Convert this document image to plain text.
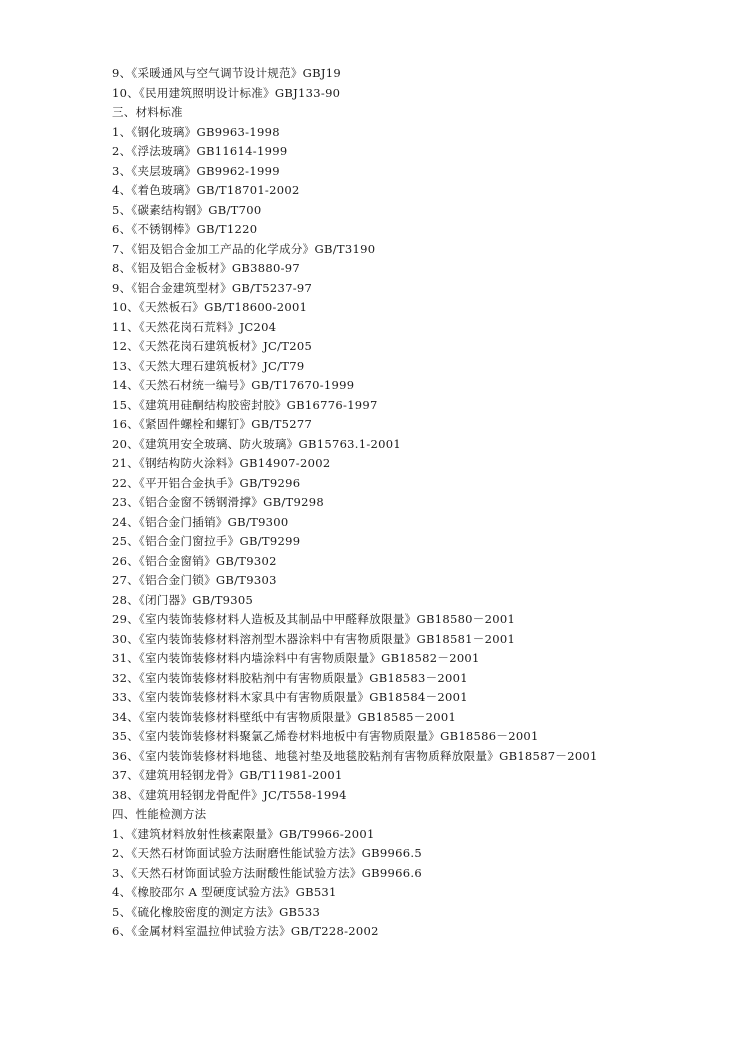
9、《采暖通风与空气调节设计规范》GBJ19
10、《民用建筑照明设计标准》GBJ133-90
三、材料标准
1、《钢化玻璃》GB9963-1998
2、《浮法玻璃》GB11614-1999
3、《夹层玻璃》GB9962-1999
4、《着色玻璃》GB/T18701-2002
5、《碳素结构钢》GB/T700
6、《不锈钢棒》GB/T1220
7、《铝及铝合金加工产品的化学成分》GB/T3190
8、《铝及铝合金板材》GB3880-97
9、《铝合金建筑型材》GB/T5237-97
10、《天然板石》GB/T18600-2001
11、《天然花岗石荒料》JC204
12、《天然花岗石建筑板材》JC/T205
13、《天然大理石建筑板材》JC/T79
14、《天然石材统一编号》GB/T17670-1999
15、《建筑用硅酮结构胶密封胶》GB16776-1997
16、《紧固件螺栓和螺钉》GB/T5277
20、《建筑用安全玻璃、防火玻璃》GB15763.1-2001
21、《钢结构防火涂料》GB14907-2002
22、《平开铝合金执手》GB/T9296
23、《铝合金窗不锈钢滑撑》GB/T9298
24、《铝合金门插销》GB/T9300
25、《铝合金门窗拉手》GB/T9299
26、《铝合金窗销》GB/T9302
27、《铝合金门锁》GB/T9303
28、《闭门器》GB/T9305
29、《室内装饰装修材料人造板及其制品中甲醛释放限量》GB18580－2001
30、《室内装饰装修材料溶剂型木器涂料中有害物质限量》GB18581－2001
31、《室内装饰装修材料内墙涂料中有害物质限量》GB18582－2001
32、《室内装饰装修材料胶粘剂中有害物质限量》GB18583－2001
33、《室内装饰装修材料木家具中有害物质限量》GB18584－2001
34、《室内装饰装修材料壁纸中有害物质限量》GB18585－2001
35、《室内装饰装修材料聚氯乙烯卷材料地板中有害物质限量》GB18586－2001
36、《室内装饰装修材料地毯、地毯衬垫及地毯胶粘剂有害物质释放限量》GB18587－2001
37、《建筑用轻钢龙骨》GB/T11981-2001
38、《建筑用轻钢龙骨配件》JC/T558-1994
四、性能检测方法
1、《建筑材料放射性核素限量》GB/T9966-2001
2、《天然石材饰面试验方法耐磨性能试验方法》GB9966.5
3、《天然石材饰面试验方法耐酸性能试验方法》GB9966.6
4、《橡胶邵尔 A 型硬度试验方法》GB531
5、《硫化橡胶密度的测定方法》GB533
6、《金属材料室温拉伸试验方法》GB/T228-2002
